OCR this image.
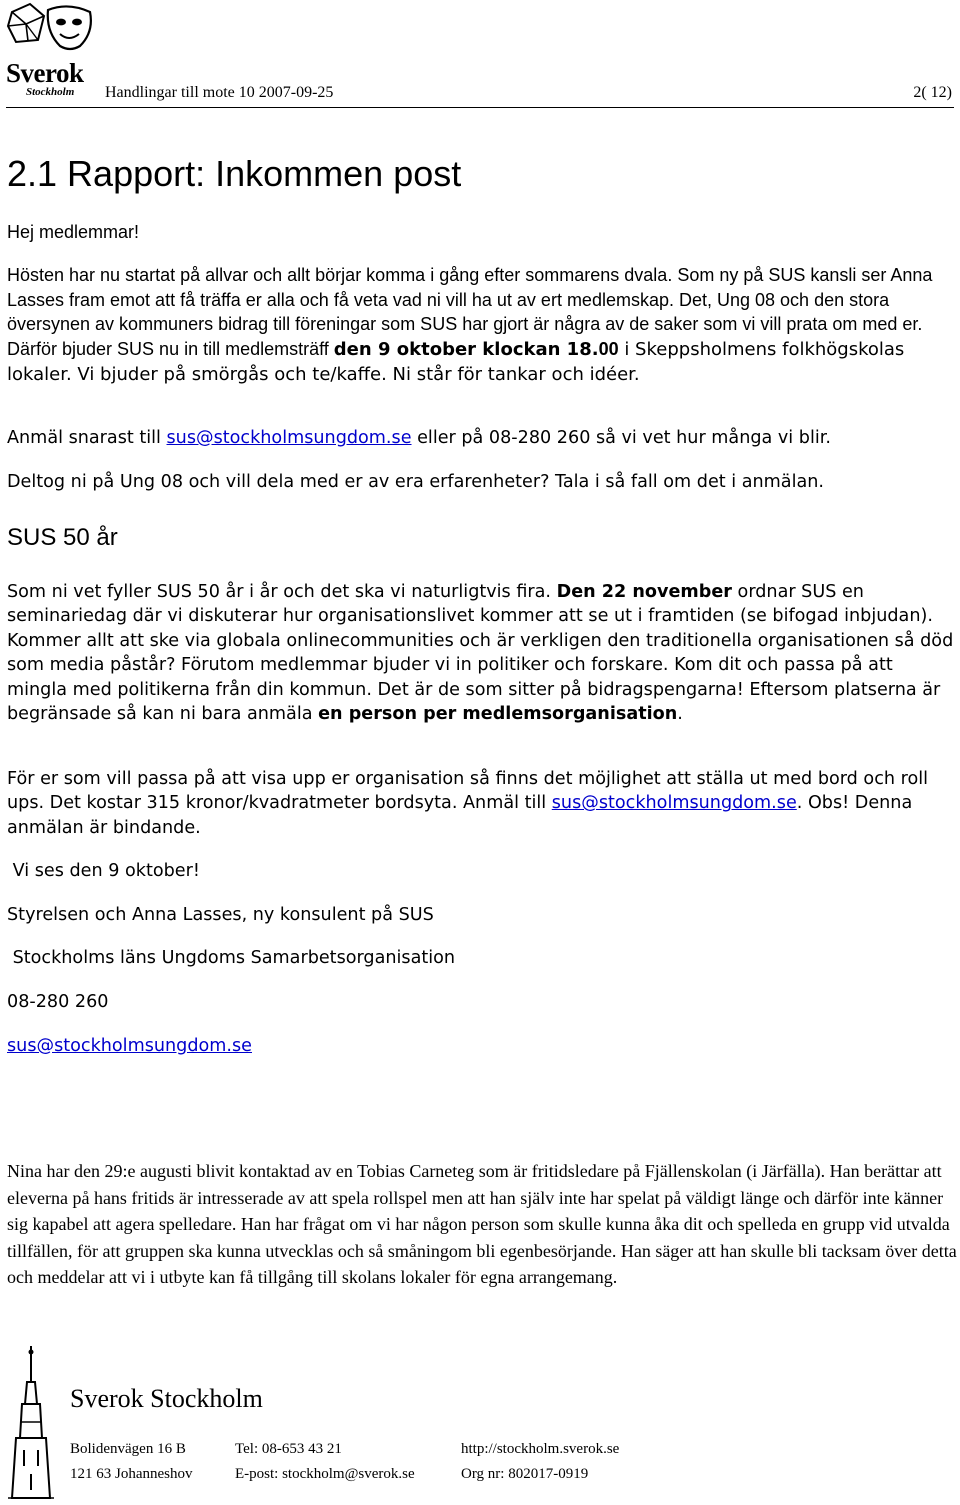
Sverok
Stockholm Handlingar till mote 10 2007-09-25	2( 12)
2.1 Rapport: Inkommen post
Hej medlemmar!
Hösten har nu startat på allvar och allt börjar komma i gång efter sommarens dvala. Som ny på SUS kansli ser Anna Lasses fram emot att få träffa er alla och få veta vad ni vill ha ut av ert medlemskap. Det, Ung 08 och den stora översynen av kommuners bidrag till föreningar som SUS har gjort är några av de saker som vi vill prata om med er. Därför bjuder SUS nu in till medlemsträff den 9 oktober klockan 18.00 i Skeppsholmens folkhögskolas lokaler. Vi bjuder på smörgås och te/kaffe. Ni står för tankar och idéer.
Anmäl snarast till sus@stockholmsungdom.se eller på 08-280 260 så vi vet hur många vi blir.
Deltog ni på Ung 08 och vill dela med er av era erfarenheter? Tala i så fall om det i anmälan.
SUS 50 år
Som ni vet fyller SUS 50 år i år och det ska vi naturligtvis fira. Den 22 november ordnar SUS en seminariedag där vi diskuterar hur organisationslivet kommer att se ut i framtiden (se bifogad inbjudan). Kommer allt att ske via globala onlinecommunities och är verkligen den traditionella organisationen så död som media påstår? Förutom medlemmar bjuder vi in politiker och forskare. Kom dit och passa på att mingla med politikerna från din kommun. Det är de som sitter på bidragspengarna! Eftersom platserna är begränsade så kan ni bara anmäla en person per medlemsorganisation.
För er som vill passa på att visa upp er organisation så finns det möjlighet att ställa ut med bord och roll ups. Det kostar 315 kronor/kvadratmeter bordsyta. Anmäl till sus@stockholmsungdom.se. Obs! Denna anmälan är bindande.
Vi ses den 9 oktober!
Styrelsen och Anna Lasses, ny konsulent på SUS
Stockholms läns Ungdoms Samarbetsorganisation
08-280 260
sus@stockholmsungdom.se
Nina har den 29:e augusti blivit kontaktad av en Tobias Carneteg som är fritidsledare på Fjällenskolan (i Järfälla). Han berättar att eleverna på hans fritids är intresserade av att spela rollspel men att han själv inte har spelat på väldigt länge och därför inte känner sig kapabel att agera spelledare. Han har frågat om vi har någon person som skulle kunna åka dit och spelleda en grupp vid utvalda tillfällen, för att gruppen ska kunna utvecklas och så småningom bli egenbesörjande. Han säger att han skulle bli tacksam över detta och meddelar att vi i utbyte kan få tillgång till skolans lokaler för egna arrangemang.
Sverok Stockholm
Bolidenvägen 16 B
121 63 Johanneshov
Tel: 08-653 43 21
E-post: stockholm@sverok.se
http://stockholm.sverok.se
Org nr: 802017-0919
